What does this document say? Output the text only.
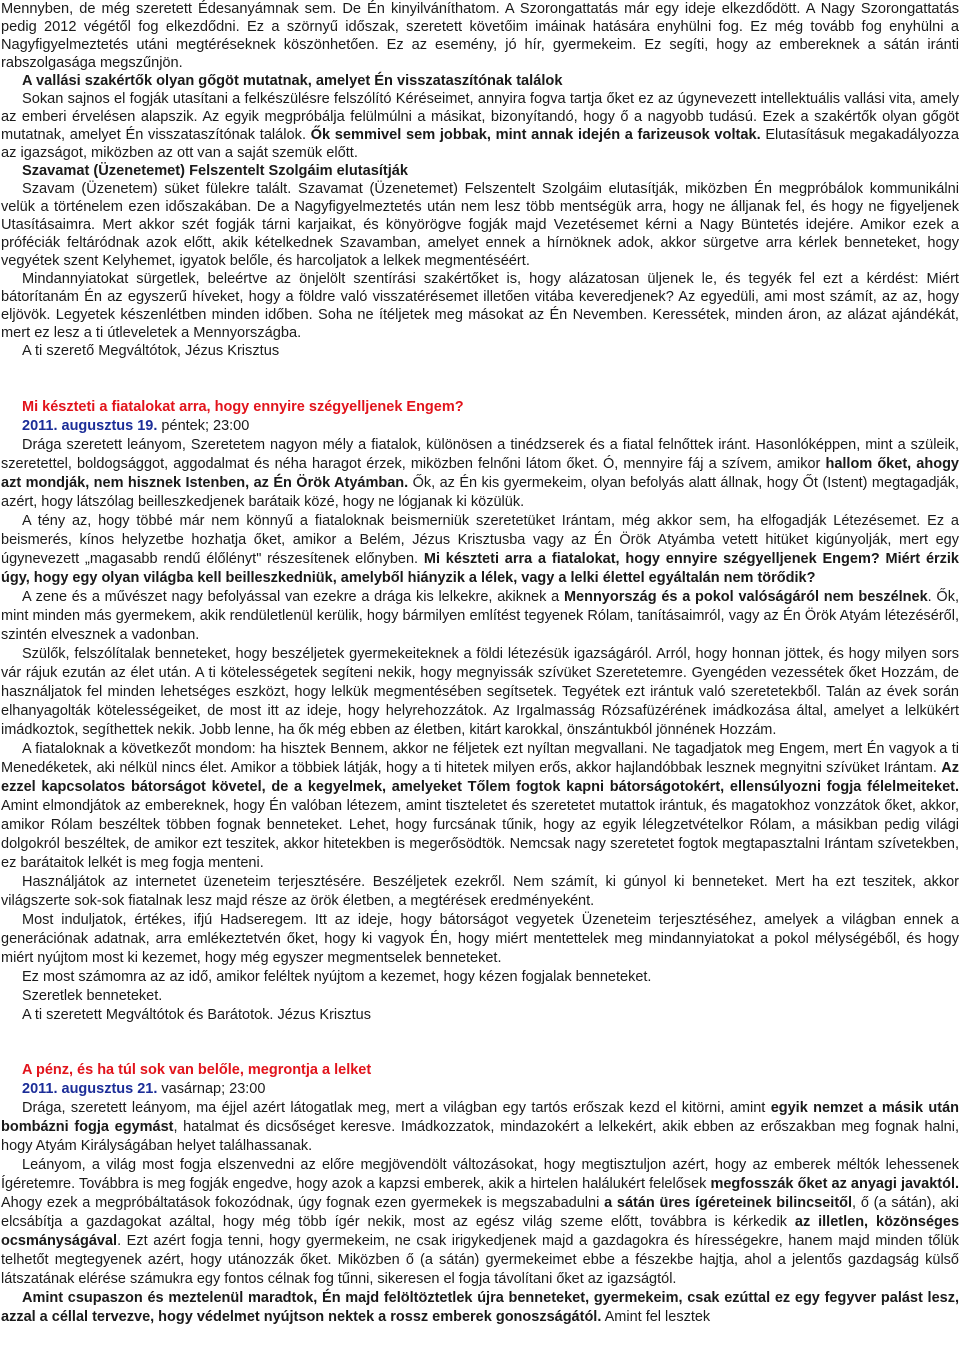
Mennyben, de még szeretett Édesanyámnak sem. De Én kinyilváníthatom. A Szorongattatás már egy ideje elkezdődött. A Nagy Szorongattatás pedig 2012 végétől fog elkezdődni. Ez a szörnyű időszak, szeretett követőim imáinak hatására enyhülni fog. Ez még tovább fog enyhülni a Nagyfigyelmeztetés utáni megtéréseknek köszönhetően. Ez az esemény, jó hír, gyermekeim. Ez segíti, hogy az embereknek a sátán iránti rabszolgasága megszűnjön.

A vallási szakértők olyan gőgöt mutatnak, amelyet Én visszataszítónak találok

Sokan sajnos el fogják utasítani a felkészülésre felszólító Kéréseimet, annyira fogva tartja őket ez az úgynevezett intellektuális vallási vita, amely az emberi érvelésen alapszik. Az egyik megpróbálja felülmúlni a másikat, bizonyítandó, hogy ő a nagyobb tudású. Ezek a szakértők olyan gőgöt mutatnak, amelyet Én visszataszítónak találok. Ők semmivel sem jobbak, mint annak idején a farizeusok voltak. Elutasításuk megakadályozza az igazságot, miközben az ott van a saját szemük előtt.

Szavamat (Üzenetemet) Felszentelt Szolgáim elutasítják

Szavam (Üzenetem) süket fülekre talált. Szavamat (Üzenetemet) Felszentelt Szolgáim elutasítják, miközben Én megpróbálok kommunikálni velük a történelem ezen időszakában. De a Nagyfigyelmeztetés után nem lesz több mentségük arra, hogy ne álljanak fel, és hogy ne figyeljenek Utasításaimra. Mert akkor szét fogják tárni karjaikat, és könyörögve fogják majd Vezetésemet kérni a Nagy Büntetés idejére. Amikor ezek a próféciák feltáródnak azok előtt, akik kételkednek Szavamban, amelyet ennek a hírnöknek adok, akkor sürgetve arra kérlek benneteket, hogy vegyétek szent Kelyhemet, igyatok belőle, és harcoljatok a lelkek megmentéséért.

Mindannyiatokat sürgetlek, beleértve az önjelölt szentírási szakértőket is, hogy alázatosan üljenek le, és tegyék fel ezt a kérdést: Miért bátorítanám Én az egyszerű híveket, hogy a földre való visszatérésemet illetően vitába keveredjenek? Az egyedüli, ami most számít, az az, hogy eljövök. Legyetek készenlétben minden időben. Soha ne ítéljetek meg másokat az Én Nevemben. Keressétek, minden áron, az alázat ajándékát, mert ez lesz a ti útleveletek a Mennyországba.

A ti szerető Megváltótok, Jézus Krisztus

Mi készteti a fiatalokat arra, hogy ennyire szégyelljenek Engem?

2011. augusztus 19. péntek; 23:00

Drága szeretett leányom, Szeretetem nagyon mély a fiatalok, különösen a tinédzserek és a fiatal felnőttek iránt. Hasonlóképpen, mint a szüleik, szeretettel, boldogsággot, aggodalmat és néha haragot érzek, miközben felnőni látom őket. Ó, mennyire fáj a szívem, amikor hallom őket, ahogy azt mondják, nem hisznek Istenben, az Én Örök Atyámban. Ők, az Én kis gyermekeim, olyan befolyás alatt állnak, hogy Őt (Istent) megtagadják, azért, hogy látszólag beilleszkedjenek barátaik közé, hogy ne lógjanak ki közülük.

A tény az, hogy többé már nem könnyű a fiataloknak beismerniük szeretetüket Irántam, még akkor sem, ha elfogadják Létezésemet. Ez a beismerés, kínos helyzetbe hozhatja őket, amikor a Belém, Jézus Krisztusba vagy az Én Örök Atyámba vetett hitüket kigúnyolják, mert egy úgynevezett „magasabb rendű élőlényt" részesítenek előnyben. Mi készteti arra a fiatalokat, hogy ennyire szégyelljenek Engem? Miért érzik úgy, hogy egy olyan világba kell beilleszkedniük, amelyből hiányzik a lélek, vagy a lelki élettel egyáltalán nem törődik?

A zene és a művészet nagy befolyással van ezekre a drága kis lelkekre, akiknek a Mennyország és a pokol valóságáról nem beszélnek. Ők, mint minden más gyermekem, akik rendületlenül kerülik, hogy bármilyen említést tegyenek Rólam, tanításaimról, vagy az Én Örök Atyám létezéséről, szintén elvesznek a vadonban.

Szülők, felszólítalak benneteket, hogy beszéljetek gyermekeiteknek a földi létezésük igazságáról. Arról, hogy honnan jöttek, és hogy milyen sors vár rájuk ezután az élet után. A ti kötelességetek segíteni nekik, hogy megnyissák szívüket Szeretetemre. Gyengéden vezessétek őket Hozzám, de használjatok fel minden lehetséges eszközt, hogy lelkük megmentésében segítsetek. Tegyétek ezt irántuk való szeretetekből. Talán az évek során elhanyagolták kötelességeiket, de most itt az ideje, hogy helyrehozzátok. Az Irgalmasság Rózsafüzérének imádkozása által, amelyet a lelkükért imádkoztok, segíthettek nekik. Jobb lenne, ha ők még ebben az életben, kitárt karokkal, önszántukból jönnének Hozzám.

A fiataloknak a következőt mondom: ha hisztek Bennem, akkor ne féljetek ezt nyíltan megvallani. Ne tagadjatok meg Engem, mert Én vagyok a ti Menedéketek, aki nélkül nincs élet. Amikor a többiek látják, hogy a ti hitetek milyen erős, akkor hajlandóbbak lesznek megnyitni szívüket Irántam. Az ezzel kapcsolatos bátorságot követel, de a kegyelmek, amelyeket Tőlem fogtok kapni bátorságotokért, ellensúlyozni fogja félelmeiteket. Amint elmondjátok az embereknek, hogy Én valóban létezem, amint tiszteletet és szeretetet mutattok irántuk, és magatokhoz vonzzátok őket, akkor, amikor Rólam beszéltek többen fognak benneteket. Lehet, hogy furcsának tűnik, hogy az egyik lélegzetvételkor Rólam, a másikban pedig világi dolgokról beszéltek, de amikor ezt teszitek, akkor hitetekben is megerősödtök. Nemcsak nagy szeretetet fogtok megtapasztalni Irántam szívetekben, ez barátaitok lelkét is meg fogja menteni.

Használjátok az internetet üzeneteim terjesztésére. Beszéljetek ezekről. Nem számít, ki gúnyol ki benneteket. Mert ha ezt teszitek, akkor világszerte sok-sok fiatalnak lesz majd része az örök életben, a megtérések eredményeként.

Most induljatok, értékes, ifjú Hadseregem. Itt az ideje, hogy bátorságot vegyetek Üzeneteim terjesztéséhez, amelyek a világban ennek a generációnak adatnak, arra emlékeztetvén őket, hogy ki vagyok Én, hogy miért mentettelek meg mindannyiatokat a pokol mélységéből, és hogy miért nyújtom most ki kezemet, hogy még egyszer megmentselek benneteket.

Ez most számomra az az idő, amikor feléltek nyújtom a kezemet, hogy kézen fogjalak benneteket.

Szeretlek benneteket.

A ti szeretett Megváltótok és Barátotok. Jézus Krisztus

A pénz, és ha túl sok van belőle, megrontja a lelket

2011. augusztus 21. vasárnap; 23:00

Drága, szeretett leányom, ma éjjel azért látogatlak meg, mert a világban egy tartós erőszak kezd el kitörni, amint egyik nemzet a másik után bombázni fogja egymást, hatalmat és dicsőséget keresve. Imádkozzatok, mindazokért a lelkekért, akik ebben az erőszakban meg fognak halni, hogy Atyám Királyságában helyet találhassanak.

Leányom, a világ most fogja elszenvedni az előre megjövendölt változásokat, hogy megtisztuljon azért, hogy az emberek méltók lehessenek Ígéretemre. Továbbra is meg fogják engedve, hogy azok a kapzsi emberek, akik a hirtelen halálukért felelősek megfosszák őket az anyagi javaktól. Ahogy ezek a megpróbáltatások fokozódnak, úgy fognak ezen gyermekek is megszabadulni a sátán üres ígéreteinek bilincseitől, ő (a sátán), aki elcsábítja a gazdagokat azáltal, hogy még több ígér nekik, most az egész világ szeme előtt, továbbra is kérkedik az illetlen, közönséges ocsmányságával. Ezt azért fogja tenni, hogy gyermekeim, ne csak irigykedjenek majd a gazdagokra és hírességekre, hanem majd minden tőlük telhetőt megtegyenek azért, hogy utánozzák őket. Miközben ő (a sátán) gyermekeimet ebbe a fészekbe hajtja, ahol a jelentős gazdagság külső látszatának elérése számukra egy fontos célnak fog tűnni, sikeresen el fogja távolítani őket az igazságtól.

Amint csupaszon és meztelenül maradtok, Én majd felöltöztetlek újra benneteket, gyermekeim, csak ezúttal ez egy fegyver palást lesz, azzal a céllal tervezve, hogy védelmet nyújtson nektek a rossz emberek gonoszságától. Amint fel lesztek
